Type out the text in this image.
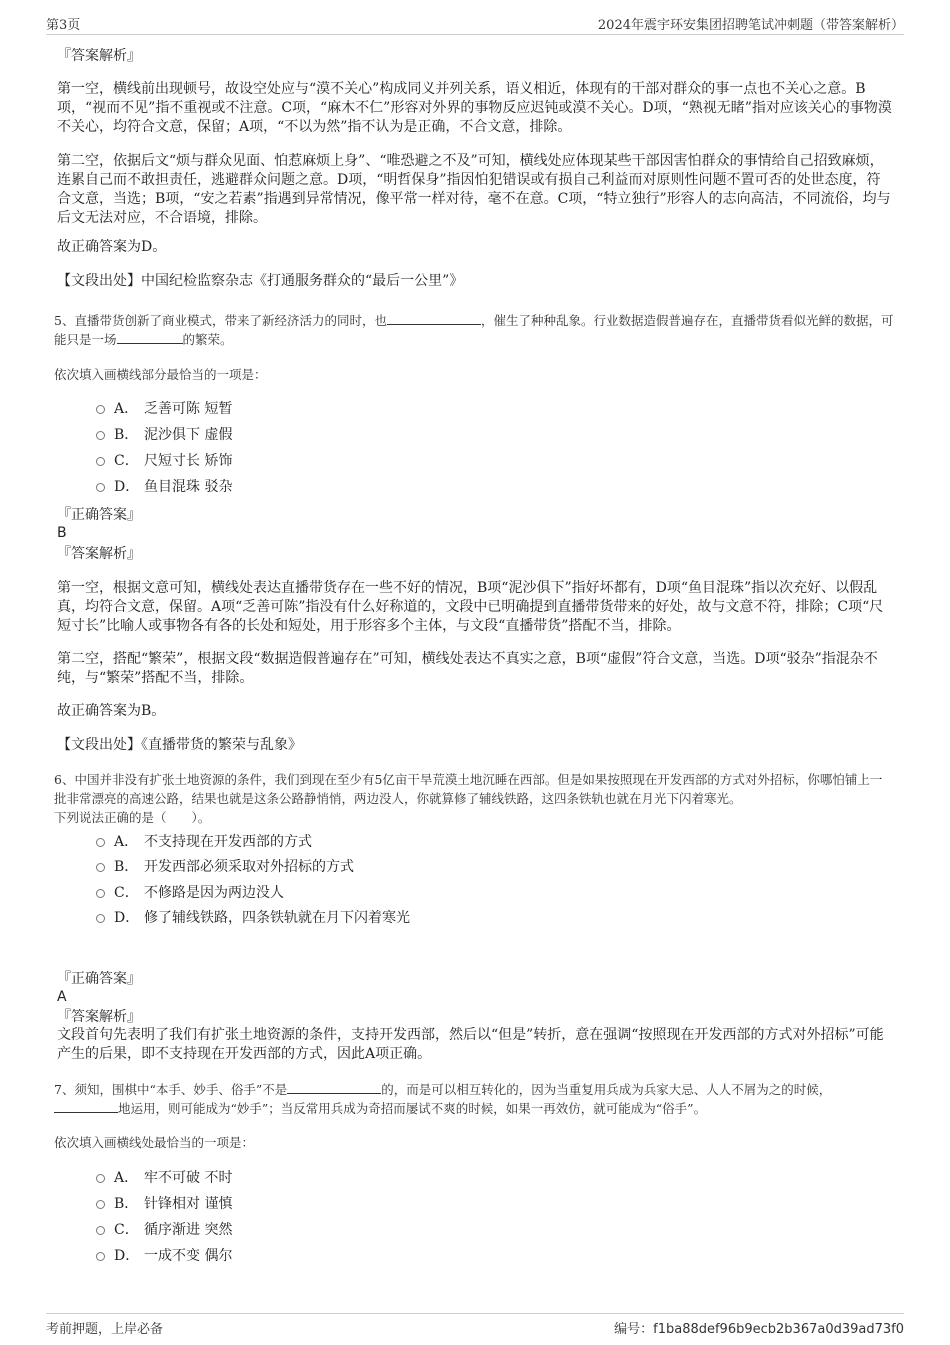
第3页	2024年震宇环安集团招聘笔试冲刺题（带答案解析）
『答案解析』

第一空，横线前出现顿号，故设空处应与“漠不关心”构成同义并列关系，语义相近，体现有的干部对群众的事一点也不关心之意。B项，“视而不见”指不重视或不注意。C项，“麻木不仁”形容对外界的事物反应迟钝或漠不关心。D项，“熟视无睹”指对应该关心的事物漠不关心，均符合文意，保留；A项，“不以为然”指不认为是正确，不合文意，排除。

第二空，依据后文“烦与群众见面、怕惹麻烦上身”、“唯恐避之不及”可知，横线处应体现某些干部因害怕群众的事情给自己招致麻烦，连累自己而不敢担责任，逃避群众问题之意。D项，“明哲保身”指因怕犯错误或有损自己利益而对原则性问题不置可否的处世态度，符合文意，当选；B项，“安之若素”指遇到异常情况，像平常一样对待，毫不在意。C项，“特立独行”形容人的志向高洁，不同流俗，均与后文无法对应，不合语境，排除。

故正确答案为D。
【文段出处】中国纪检监察杂志《打通服务群众的“最后一公里”》
5、直播带货创新了商业模式，带来了新经济活力的同时，也	，催生了种种乱象。行业数据造假普遍存在，直播带货看似光鲜的数据，可能只是一场	的繁荣。
依次填入画横线部分最恰当的一项是：
A． 乏善可陈 短暂
B． 泥沙俱下 虚假
C． 尺短寸长 矫饰
D． 鱼目混珠 驳杂
『正确答案』
B
『答案解析』

第一空，根据文意可知，横线处表达直播带货存在一些不好的情况，B项“泥沙俱下”指好坏都有，D项“鱼目混珠”指以次充好、以假乱真，均符合文意，保留。A项“乏善可陈”指没有什么好称道的，文段中已明确提到直播带货带来的好处，故与文意不符，排除；C项“尺短寸长”比喻人或事物各有各的长处和短处，用于形容多个主体，与文段“直播带货”搭配不当，排除。

第二空，搭配“繁荣”，根据文段“数据造假普遍存在”可知，横线处表达不真实之意，B项“虚假”符合文意，当选。D项“驳杂”指混杂不纯，与“繁荣”搭配不当，排除。

故正确答案为B。
【文段出处】《直播带货的繁荣与乱象》
6、中国并非没有扩张土地资源的条件，我们到现在至少有5亿亩干旱荒漠土地沉睡在西部。但是如果按照现在开发西部的方式对外招标，你哪怕铺上一批非常漂亮的高速公路，结果也就是这条公路静悄悄，两边没人，你就算修了辅线铁路，这四条铁轨也就在月光下闪着寒光。
下列说法正确的是（　　）。
A． 不支持现在开发西部的方式
B． 开发西部必须采取对外招标的方式
C． 不修路是因为两边没人
D． 修了辅线铁路，四条铁轨就在月下闪着寒光
『正确答案』
A
『答案解析』

文段首句先表明了我们有扩张土地资源的条件，支持开发西部，然后以“但是”转折，意在强调“按照现在开发西部的方式对外招标”可能产生的后果，即不支持现在开发西部的方式，因此A项正确。

7、须知，围棋中“本手、妙手、俗手”不是	的，而是可以相互转化的，因为当重复用兵成为兵家大忌、人人不屑为之的时候，地运用，则可能成为“妙手”；当反常用兵成为奇招而屡试不爽的时候，如果一再效仿，就可能成为“俗手”。
依次填入画横线处最恰当的一项是：
A． 牢不可破 不时
B． 针锋相对 谨慎
C． 循序渐进 突然
D． 一成不变 偶尔
考前押题，上岸必备	编号：f1ba88def96b9ecb2b367a0d39ad73f0
